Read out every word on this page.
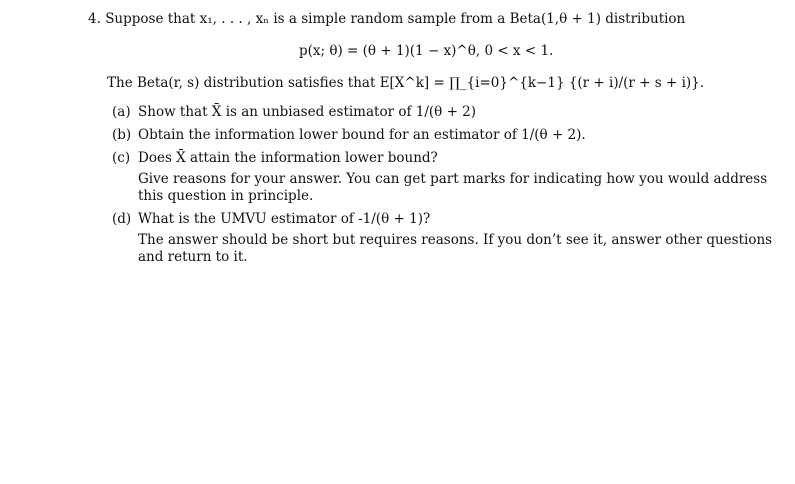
4. Suppose that x₁, . . . , xₙ is a simple random sample from a Beta(1,θ + 1) distribution
p(x; θ) = (θ + 1)(1 − x)^θ, 0 < x < 1.
The Beta(r, s) distribution satisfies that E[X^k] = ∏_{i=0}^{k−1} {(r + i)/(r + s + i)}.
(a) Show that X̄ is an unbiased estimator of 1/(θ + 2)
(b) Obtain the information lower bound for an estimator of 1/(θ + 2).
(c) Does X̄ attain the information lower bound?
Give reasons for your answer. You can get part marks for indicating how you would address
this question in principle.
(d) What is the UMVU estimator of -1/(θ + 1)?
The answer should be short but requires reasons. If you don’t see it, answer other questions
and return to it.
